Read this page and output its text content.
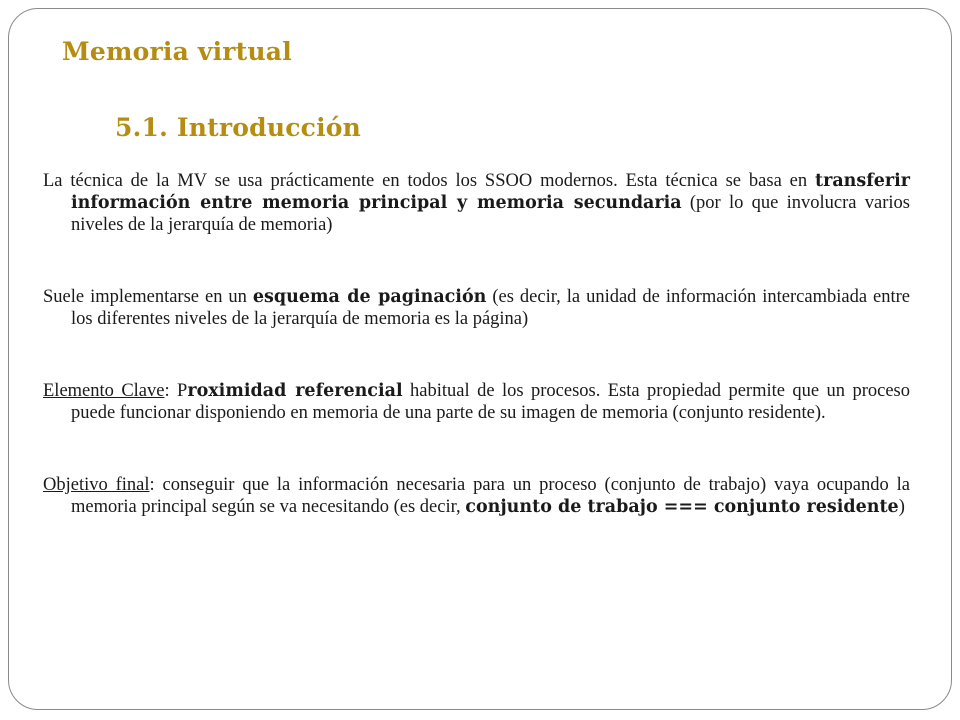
Memoria virtual
5.1. Introducción

La técnica de la MV se usa prácticamente en todos los SSOO modernos. Esta técnica se basa en transferir información entre memoria principal y memoria secundaria (por lo que involucra varios niveles de la jerarquía de memoria)

Suele implementarse en un esquema de paginación (es decir, la unidad de información intercambiada entre los diferentes niveles de la jerarquía de memoria es la página)

Elemento Clave: Proximidad referencial habitual de los procesos. Esta propiedad permite que un proceso puede funcionar disponiendo en memoria de una parte de su imagen de memoria (conjunto residente).

Objetivo final: conseguir que la información necesaria para un proceso (conjunto de trabajo) vaya ocupando la memoria principal según se va necesitando (es decir, conjunto de trabajo === conjunto residente)
